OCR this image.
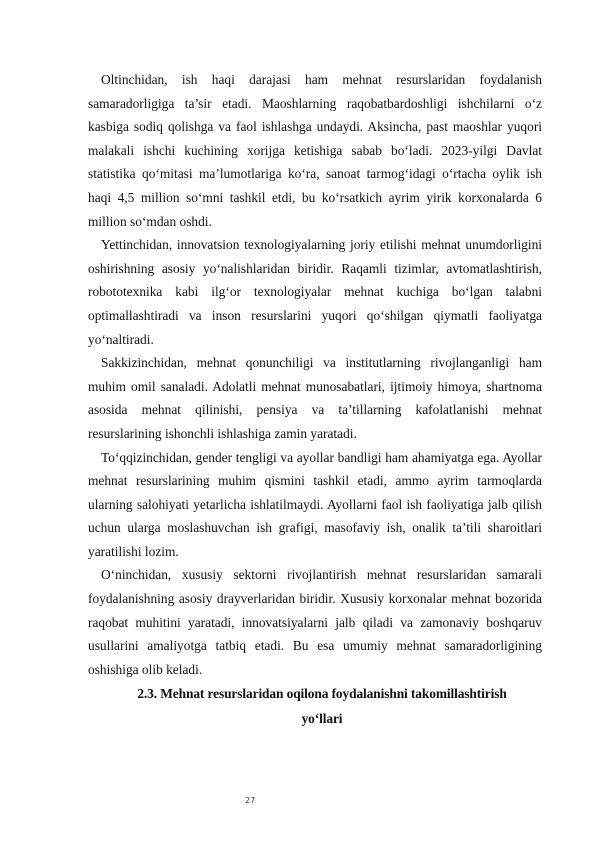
Oltinchidan, ish haqi darajasi ham mehnat resurslaridan foydalanish samaradorligiga ta’sir etadi. Maoshlarning raqobatbardoshligi ishchilarni o‘z kasbiga sodiq qolishga va faol ishlashga undaydi. Aksincha, past maoshlar yuqori malakali ishchi kuchining xorijga ketishiga sabab bo‘ladi. 2023-yilgi Davlat statistika qo‘mitasi ma’lumotlariga ko‘ra, sanoat tarmog‘idagi o‘rtacha oylik ish haqi 4,5 million so‘mni tashkil etdi, bu ko‘rsatkich ayrim yirik korxonalarda 6 million so‘mdan oshdi.

Yettinchidan, innovatsion texnologiyalarning joriy etilishi mehnat unumdorligini oshirishning asosiy yo‘nalishlaridan biridir. Raqamli tizimlar, avtomatlashtirish, robototexnika kabi ilg‘or texnologiyalar mehnat kuchiga bo‘lgan talabni optimallashtiradi va inson resurslarini yuqori qo‘shilgan qiymatli faoliyatga yo‘naltiradi.

Sakkizinchidan, mehnat qonunchiligi va institutlarning rivojlanganligi ham muhim omil sanaladi. Adolatli mehnat munosabatlari, ijtimoiy himoya, shartnoma asosida mehnat qilinishi, pensiya va ta’tillarning kafolatlanishi mehnat resurslarining ishonchli ishlashiga zamin yaratadi.

To‘qqizinchidan, gender tengligi va ayollar bandligi ham ahamiyatga ega. Ayollar mehnat resurslarining muhim qismini tashkil etadi, ammo ayrim tarmoqlarda ularning salohiyati yetarlicha ishlatilmaydi. Ayollarni faol ish faoliyatiga jalb qilish uchun ularga moslashuvchan ish grafigi, masofaviy ish, onalik ta’tili sharoitlari yaratilishi lozim.

O‘ninchidan, xususiy sektorni rivojlantirish mehnat resurslaridan samarali foydalanishning asosiy drayverlaridan biridir. Xususiy korxonalar mehnat bozorida raqobat muhitini yaratadi, innovatsiyalarni jalb qiladi va zamonaviy boshqaruv usullarini amaliyotga tatbiq etadi. Bu esa umumiy mehnat samaradorligining oshishiga olib keladi.

2.3. Mehnat resurslaridan oqilona foydalanishni takomillashtirish
yo‘llari
27
